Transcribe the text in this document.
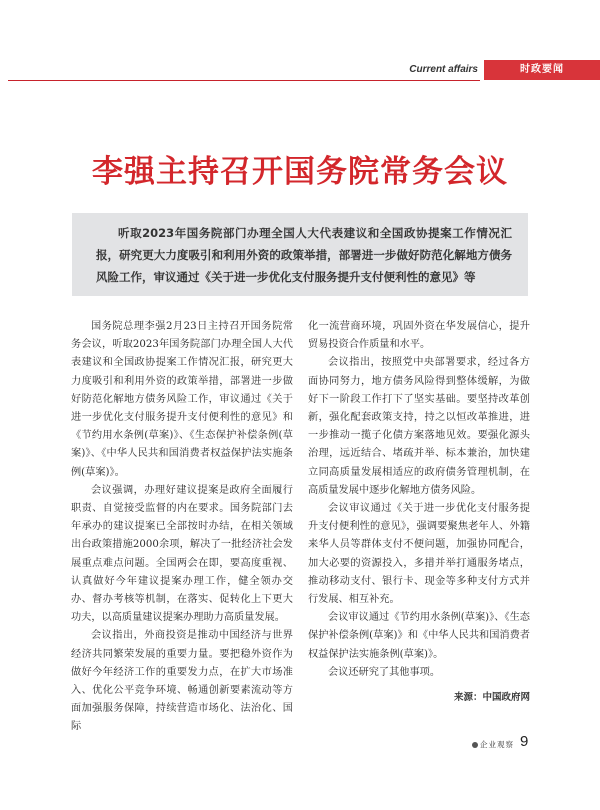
Current affairs	时政要闻
李强主持召开国务院常务会议
听取2023年国务院部门办理全国人大代表建议和全国政协提案工作情况汇报，研究更大力度吸引和利用外资的政策举措，部署进一步做好防范化解地方债务风险工作，审议通过《关于进一步优化支付服务提升支付便利性的意见》等

国务院总理李强2月23日主持召开国务院常务会议，听取2023年国务院部门办理全国人大代表建议和全国政协提案工作情况汇报，研究更大力度吸引和利用外资的政策举措，部署进一步做好防范化解地方债务风险工作，审议通过《关于进一步优化支付服务提升支付便利性的意见》和《节约用水条例(草案)》、《生态保护补偿条例(草案)》、《中华人民共和国消费者权益保护法实施条例(草案)》。

会议强调，办理好建议提案是政府全面履行职责、自觉接受监督的内在要求。国务院部门去年承办的建议提案已全部按时办结，在相关领域出台政策措施2000余项，解决了一批经济社会发展重点难点问题。全国两会在即，要高度重视、认真做好今年建议提案办理工作，健全领办交办、督办考核等机制，在落实、促转化上下更大功夫，以高质量建议提案办理助力高质量发展。

会议指出，外商投资是推动中国经济与世界经济共同繁荣发展的重要力量。要把稳外资作为做好今年经济工作的重要发力点，在扩大市场准入、优化公平竞争环境、畅通创新要素流动等方面加强服务保障，持续营造市场化、法治化、国际

化一流营商环境，巩固外资在华发展信心，提升贸易投资合作质量和水平。

会议指出，按照党中央部署要求，经过各方面协同努力，地方债务风险得到整体缓解，为做好下一阶段工作打下了坚实基础。要坚持改革创新，强化配套政策支持，持之以恒改革推进，进一步推动一揽子化债方案落地见效。要强化源头治理，远近结合、堵疏并举、标本兼治，加快建立同高质量发展相适应的政府债务管理机制，在高质量发展中逐步化解地方债务风险。

会议审议通过《关于进一步优化支付服务提升支付便利性的意见》，强调要聚焦老年人、外籍来华人员等群体支付不便问题，加强协同配合，加大必要的资源投入，多措并举打通服务堵点，推动移动支付、银行卡、现金等多种支付方式并行发展、相互补充。

会议审议通过《节约用水条例(草案)》、《生态保护补偿条例(草案)》和《中华人民共和国消费者权益保护法实施条例(草案)》。

会议还研究了其他事项。

来源：中国政府网
企业观察 9
